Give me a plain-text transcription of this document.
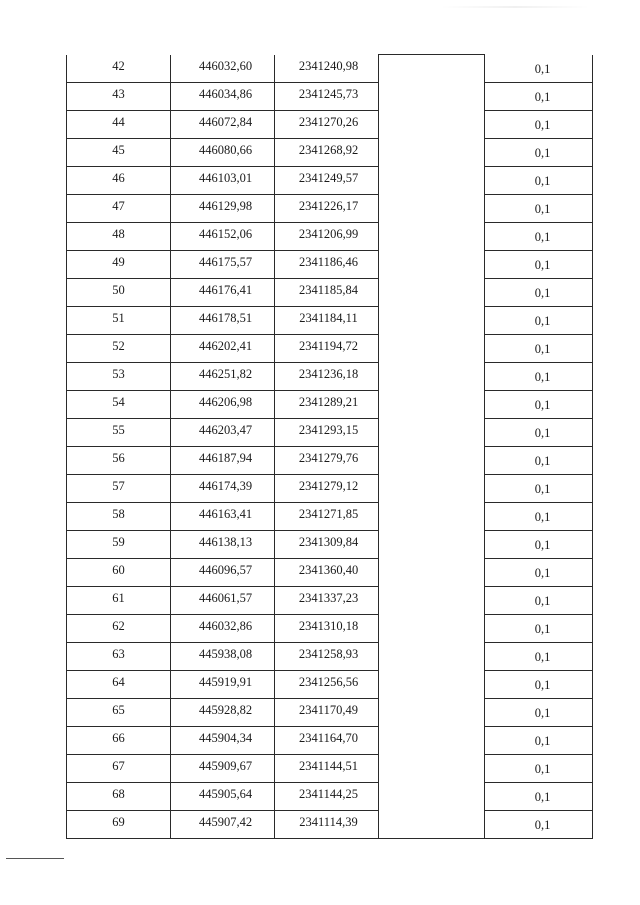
42	446032,60	2341240,98		0,1
43	446034,86	2341245,73		0,1
44	446072,84	2341270,26		0,1
45	446080,66	2341268,92		0,1
46	446103,01	2341249,57		0,1
47	446129,98	2341226,17		0,1
48	446152,06	2341206,99		0,1
49	446175,57	2341186,46		0,1
50	446176,41	2341185,84		0,1
51	446178,51	2341184,11		0,1
52	446202,41	2341194,72		0,1
53	446251,82	2341236,18		0,1
54	446206,98	2341289,21		0,1
55	446203,47	2341293,15		0,1
56	446187,94	2341279,76		0,1
57	446174,39	2341279,12		0,1
58	446163,41	2341271,85		0,1
59	446138,13	2341309,84		0,1
60	446096,57	2341360,40		0,1
61	446061,57	2341337,23		0,1
62	446032,86	2341310,18		0,1
63	445938,08	2341258,93		0,1
64	445919,91	2341256,56		0,1
65	445928,82	2341170,49		0,1
66	445904,34	2341164,70		0,1
67	445909,67	2341144,51		0,1
68	445905,64	2341144,25		0,1
69	445907,42	2341114,39		0,1
